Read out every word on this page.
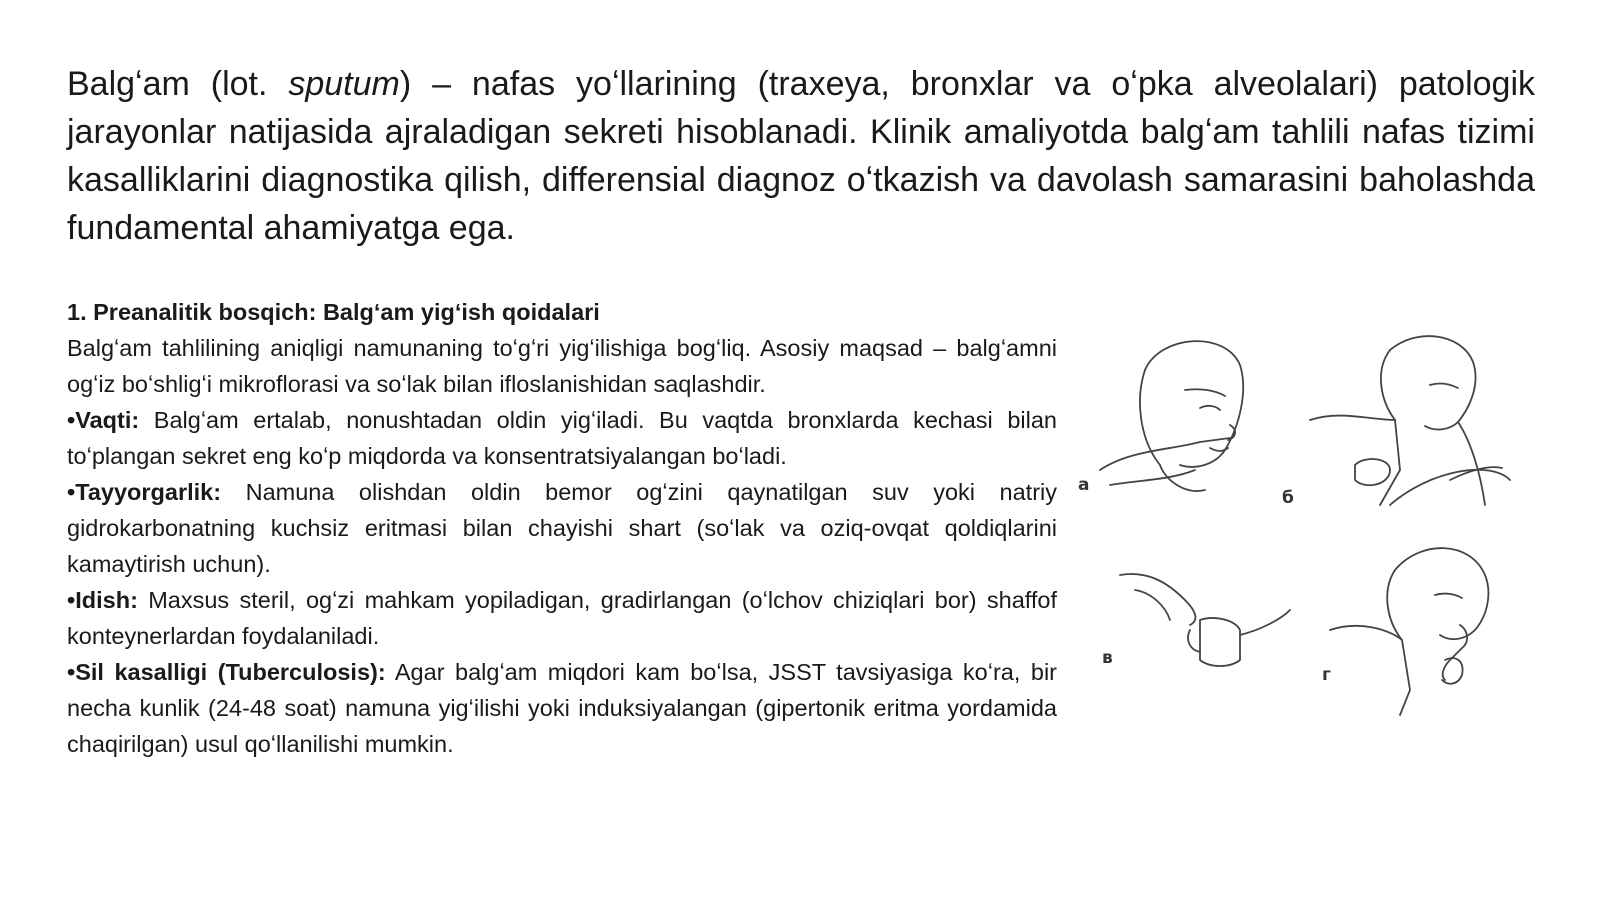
Balgʻam (lot. sputum) – nafas yoʻllarining (traxeya, bronxlar va oʻpka alveolalari) patologik jarayonlar natijasida ajraladigan sekreti hisoblanadi. Klinik amaliyotda balgʻam tahlili nafas tizimi kasalliklarini diagnostika qilish, differensial diagnoz oʻtkazish va davolash samarasini baholashda fundamental ahamiyatga ega.

1. Preanalitik bosqich: Balgʻam yigʻish qoidalari

Balgʻam tahlilining aniqligi namunaning toʻgʻri yigʻilishiga bogʻliq. Asosiy maqsad – balgʻamni ogʻiz boʻshligʻi mikroflorasi va soʻlak bilan ifloslanishidan saqlashdir.

•Vaqti: Balgʻam ertalab, nonushtadan oldin yigʻiladi. Bu vaqtda bronxlarda kechasi bilan toʻplangan sekret eng koʻp miqdorda va konsentratsiyalangan boʻladi.

•Tayyorgarlik: Namuna olishdan oldin bemor ogʻzini qaynatilgan suv yoki natriy gidrokarbonatning kuchsiz eritmasi bilan chayishi shart (soʻlak va oziq-ovqat qoldiqlarini kamaytirish uchun).

•Idish: Maxsus steril, ogʻzi mahkam yopiladigan, gradirlangan (oʻlchov chiziqlari bor) shaffof konteynerlardan foydalaniladi.

•Sil kasalligi (Tuberculosis): Agar balgʻam miqdori kam boʻlsa, JSST tavsiyasiga koʻra, bir necha kunlik (24-48 soat) namuna yigʻilishi yoki induksiyalangan (gipertonik eritma yordamida chaqirilgan) usul qoʻllanilishi mumkin.

а
б
в
г
